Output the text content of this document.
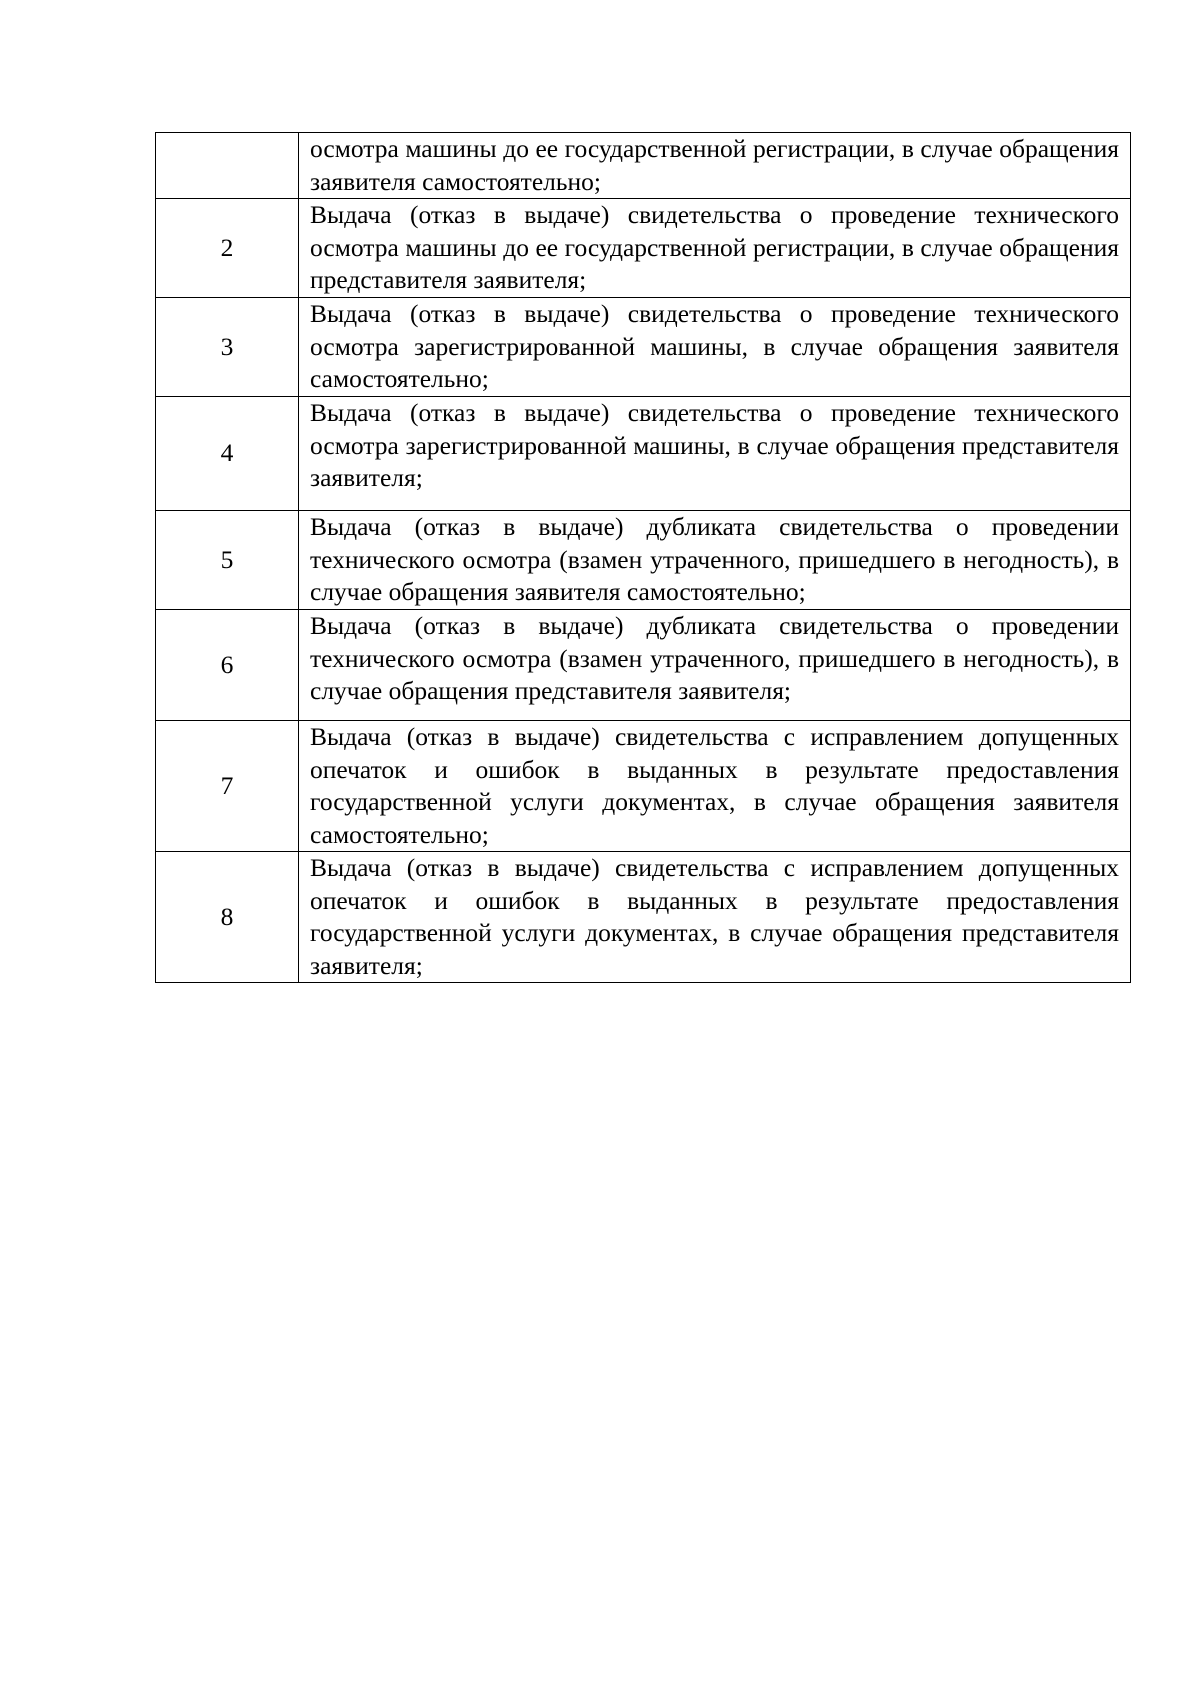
	осмотра машины до ее государственной регистрации, в случае обращения заявителя самостоятельно;

2	Выдача (отказ в выдаче) свидетельства о проведение технического осмотра машины до ее государственной регистрации, в случае обращения представителя заявителя;

3	Выдача (отказ в выдаче) свидетельства о проведение технического осмотра зарегистрированной машины, в случае обращения заявителя самостоятельно;

4	Выдача (отказ в выдаче) свидетельства о проведение технического осмотра зарегистрированной машины, в случае обращения представителя заявителя;

5	Выдача (отказ в выдаче) дубликата свидетельства о проведении технического осмотра (взамен утраченного, пришедшего в негодность), в случае обращения заявителя самостоятельно;

6	Выдача (отказ в выдаче) дубликата свидетельства о проведении технического осмотра (взамен утраченного, пришедшего в негодность), в случае обращения представителя заявителя;

7	Выдача (отказ в выдаче) свидетельства с исправлением допущенных опечаток и ошибок в выданных в результате предоставления государственной услуги документах, в случае обращения заявителя самостоятельно;

8	Выдача (отказ в выдаче) свидетельства с исправлением допущенных опечаток и ошибок в выданных в результате предоставления государственной услуги документах, в случае обращения представителя заявителя;
